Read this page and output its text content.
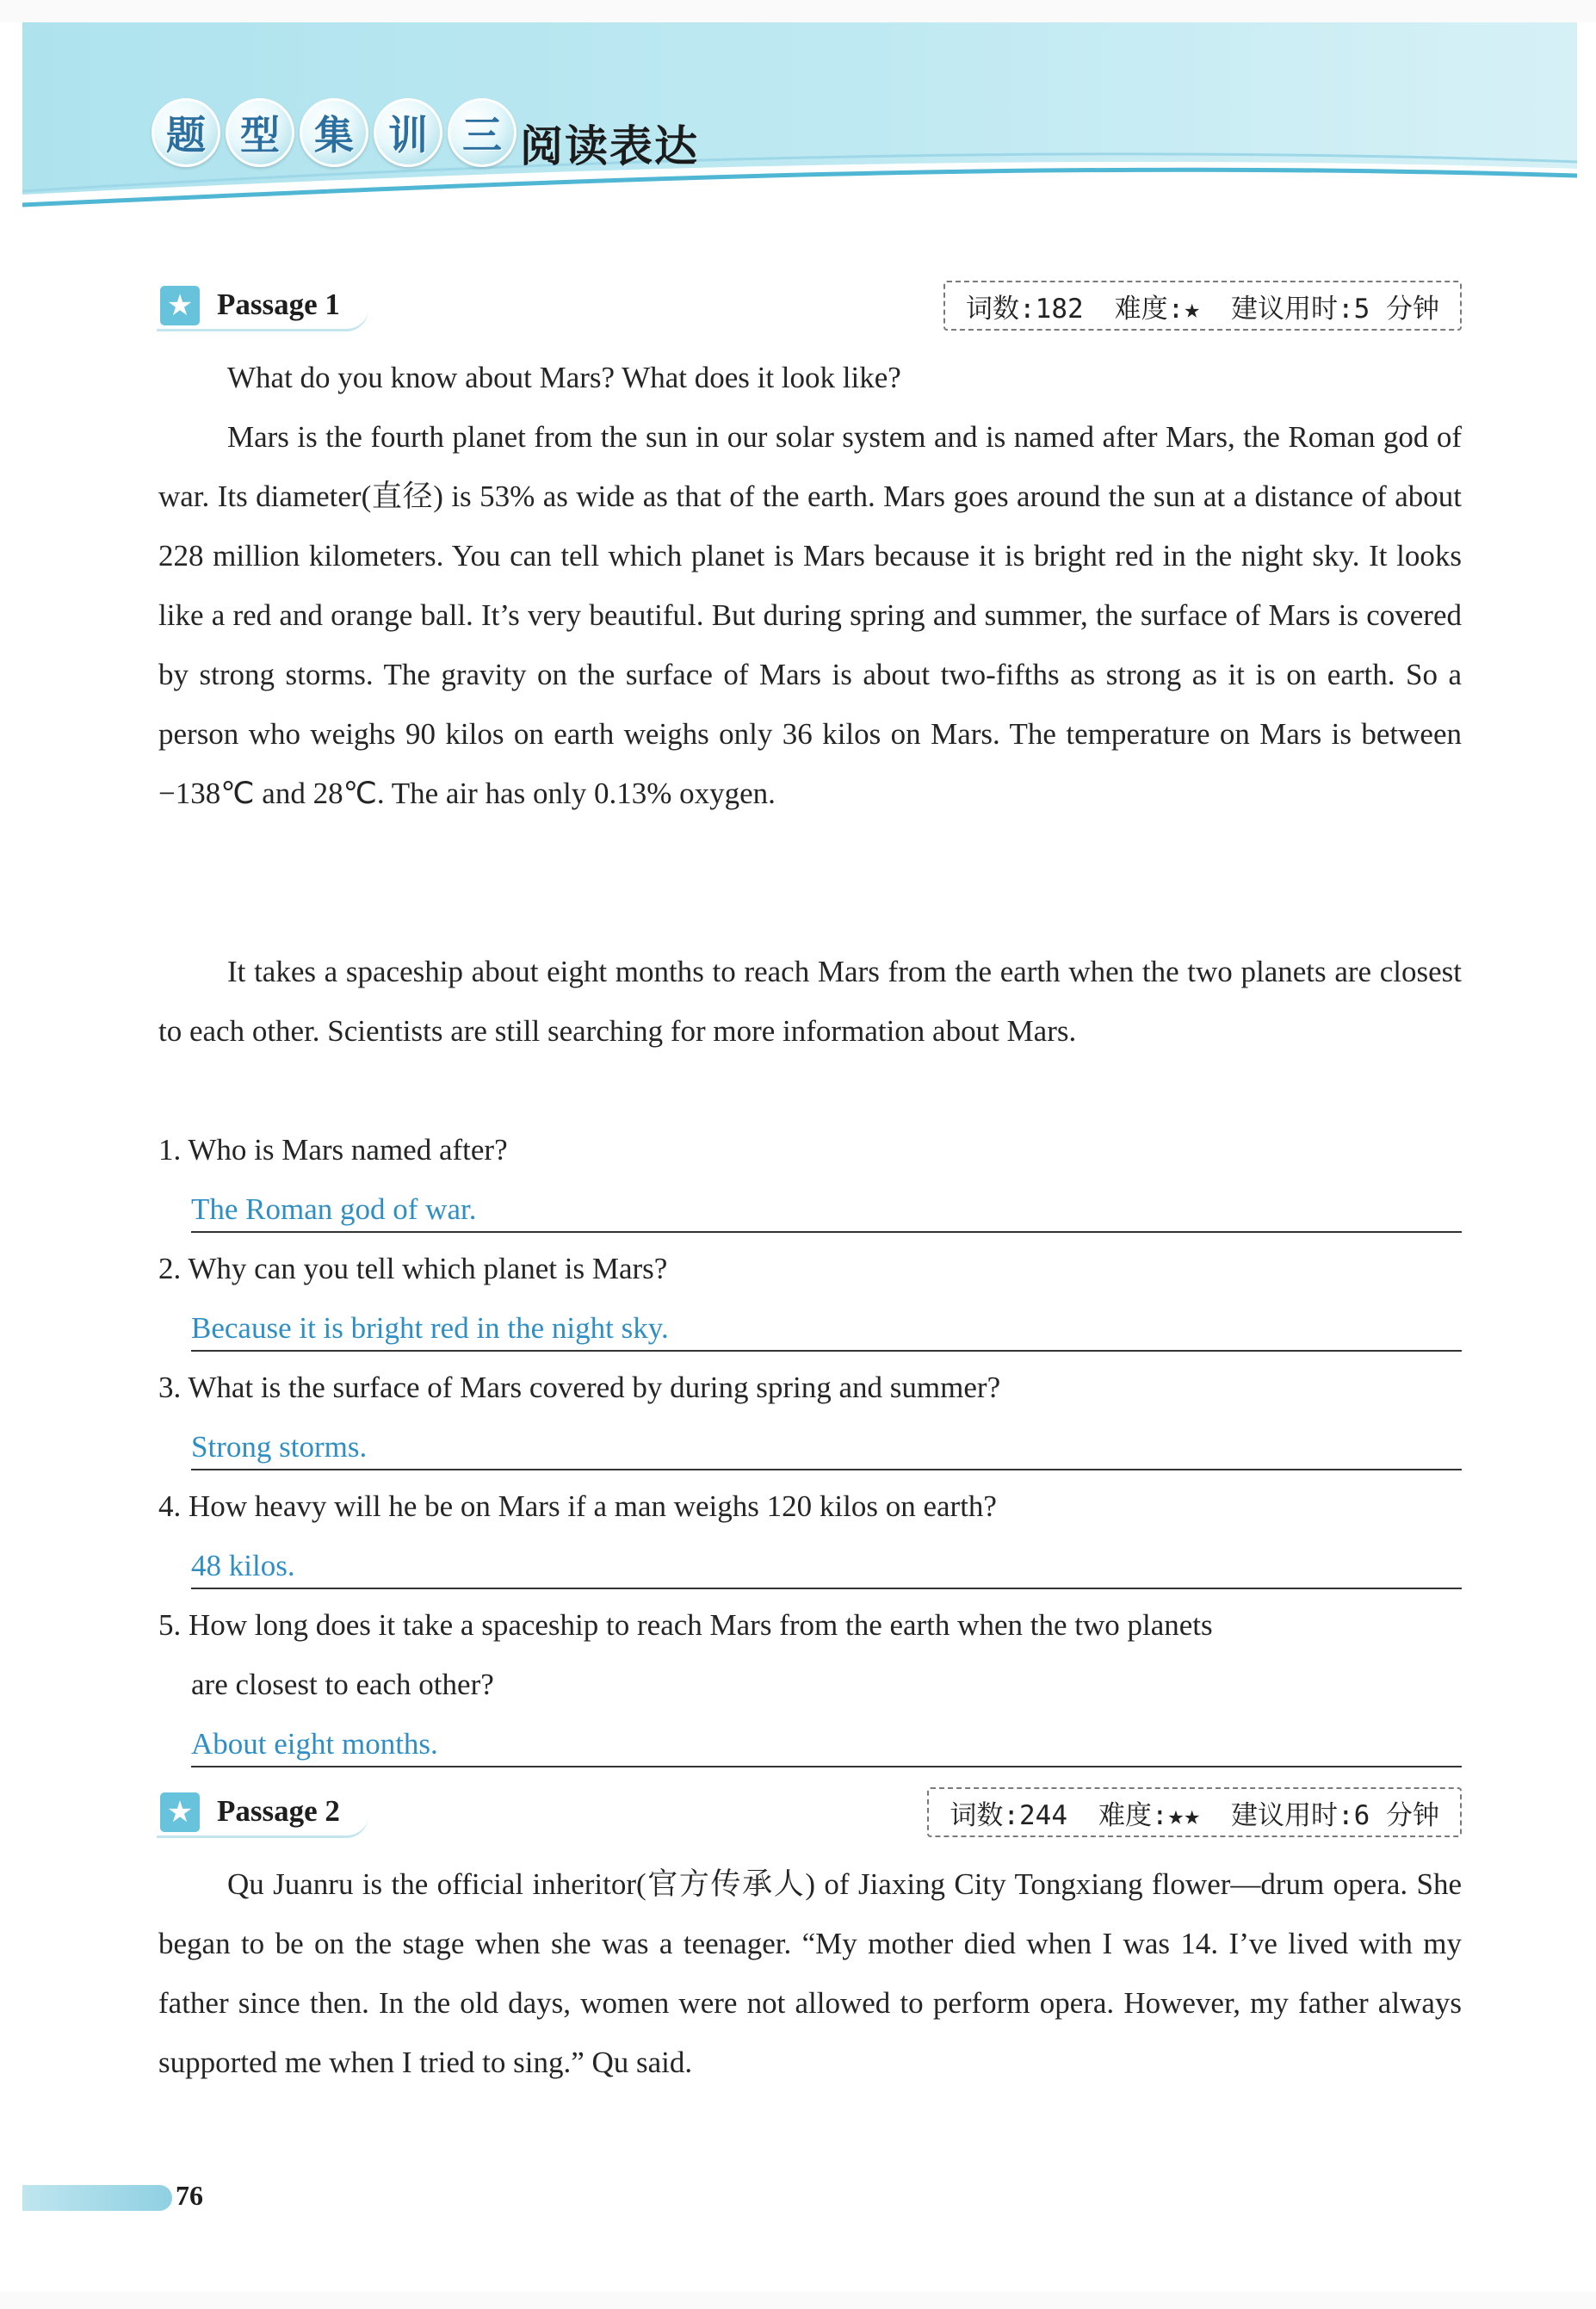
题 型 集 训 三 阅读表达
★ Passage 1	词数:182 难度:★ 建议用时:5 分钟

What do you know about Mars? What does it look like?

Mars is the fourth planet from the sun in our solar system and is named after Mars, the Roman god of war. Its diameter(直径) is 53% as wide as that of the earth. Mars goes around the sun at a distance of about 228 million kilometers. You can tell which planet is Mars because it is bright red in the night sky. It looks like a red and orange ball. It’s very beautiful. But during spring and summer, the surface of Mars is covered by strong storms. The gravity on the surface of Mars is about two-fifths as strong as it is on earth. So a person who weighs 90 kilos on earth weighs only 36 kilos on Mars. The temperature on Mars is between −138℃ and 28℃. The air has only 0.13% oxygen.

It takes a spaceship about eight months to reach Mars from the earth when the two planets are closest to each other. Scientists are still searching for more information about Mars.

1. Who is Mars named after?

The Roman god of war.

2. Why can you tell which planet is Mars?

Because it is bright red in the night sky.

3. What is the surface of Mars covered by during spring and summer?

Strong storms.

4. How heavy will he be on Mars if a man weighs 120 kilos on earth?

48 kilos.

5. How long does it take a spaceship to reach Mars from the earth when the two planets

are closest to each other?

About eight months.
★ Passage 2	词数:244 难度:★★ 建议用时:6 分钟

Qu Juanru is the official inheritor(官方传承人) of Jiaxing City Tongxiang flower—drum opera. She began to be on the stage when she was a teenager. “My mother died when I was 14. I’ve lived with my father since then. In the old days, women were not allowed to perform opera. However, my father always supported me when I tried to sing.” Qu said.

76
